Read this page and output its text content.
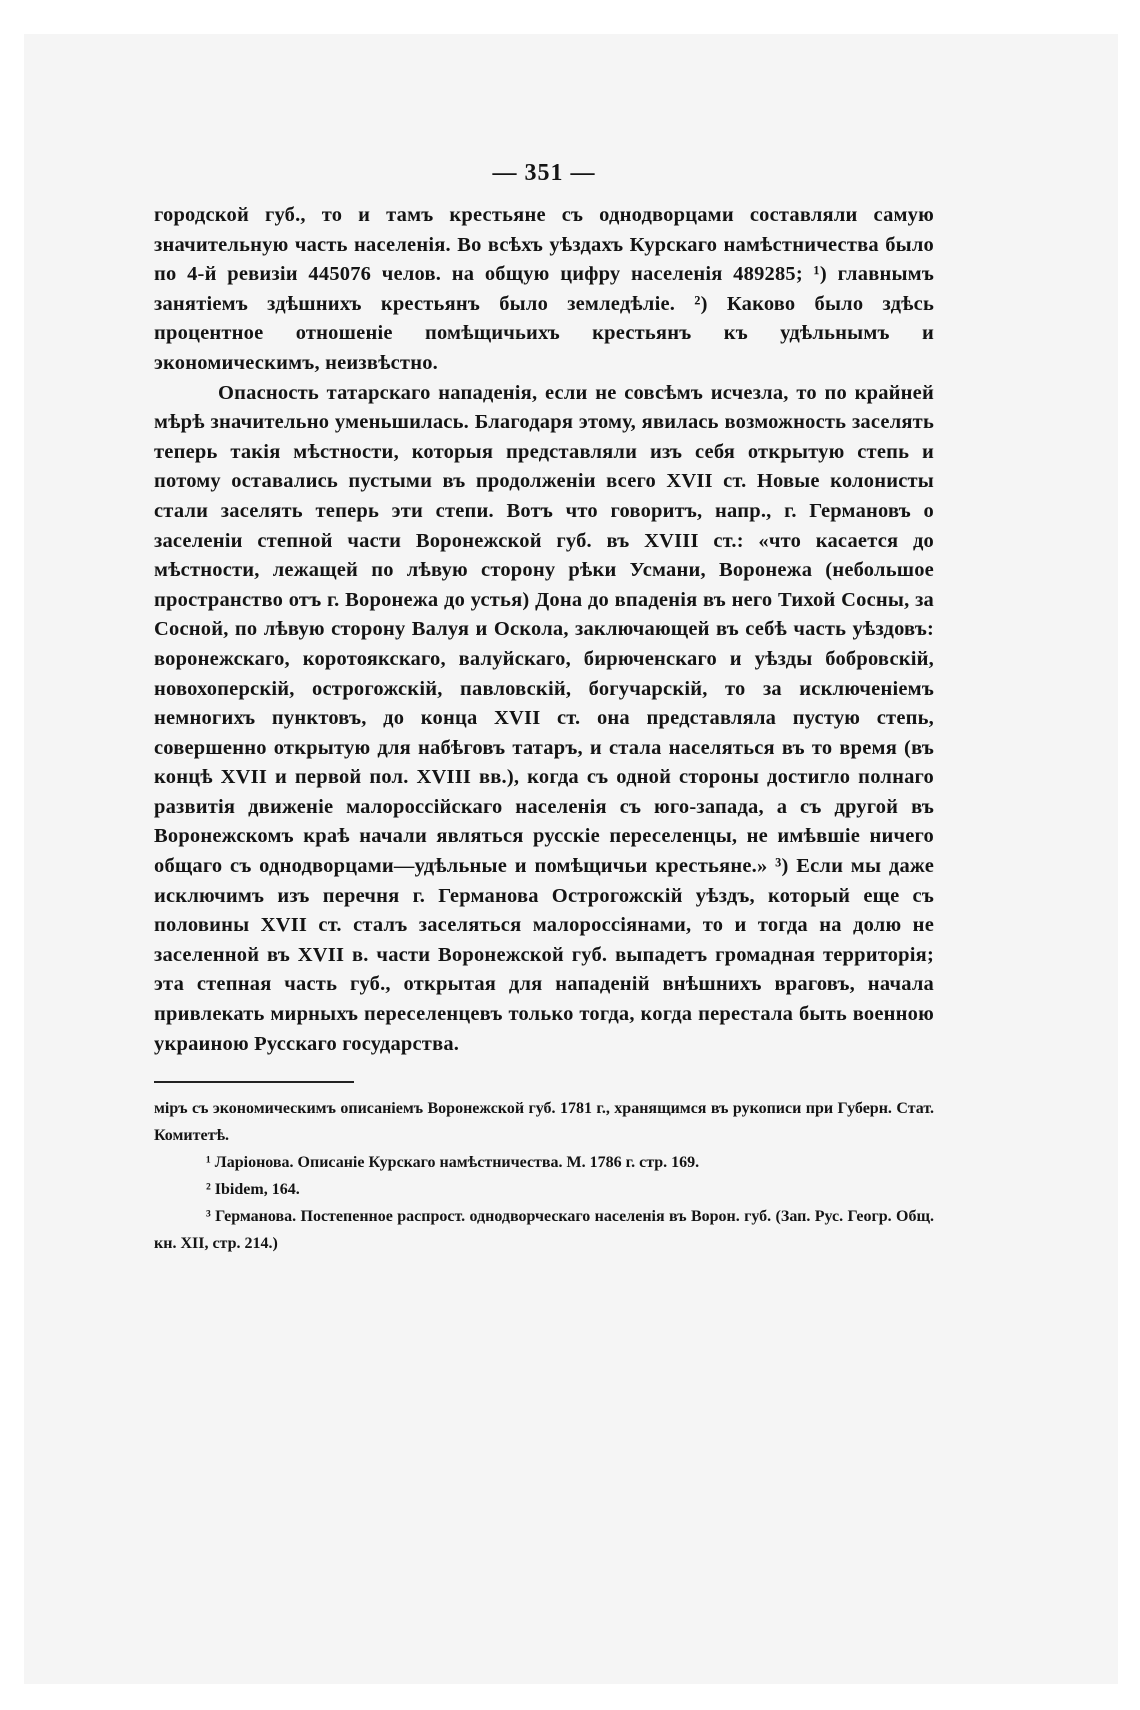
— 351 —

городской губ., то и тамъ крестьяне съ однодворцами составляли самую значительную часть населенія. Во всѣхъ уѣздахъ Курскаго намѣстничества было по 4-й ревизіи 445076 челов. на общую цифру населенія 489285; ¹) главнымъ занятіемъ здѣшнихъ крестьянъ было земледѣліе. ²) Каково было здѣсь процентное отношеніе помѣщичьихъ крестьянъ къ удѣльнымъ и экономическимъ, неизвѣстно.

Опасность татарскаго нападенія, если не совсѣмъ исчезла, то по крайней мѣрѣ значительно уменьшилась. Благодаря этому, явилась возможность заселять теперь такія мѣстности, которыя представляли изъ себя открытую степь и потому оставались пустыми въ продолженіи всего XVII ст. Новые колонисты стали заселять теперь эти степи. Вотъ что говоритъ, напр., г. Германовъ о заселеніи степной части Воронежской губ. въ XVIII ст.: «что касается до мѣстности, лежащей по лѣвую сторону рѣки Усмани, Воронежа (небольшое пространство отъ г. Воронежа до устья) Дона до впаденія въ него Тихой Сосны, за Сосной, по лѣвую сторону Валуя и Оскола, заключающей въ себѣ часть уѣздовъ: воронежскаго, коротоякскаго, валуйскаго, бирюченскаго и уѣзды бобровскій, новохоперскій, острогожскій, павловскій, богучарскій, то за исключеніемъ немногихъ пунктовъ, до конца XVII ст. она представляла пустую степь, совершенно открытую для набѣговъ татаръ, и стала населяться въ то время (въ концѣ XVII и первой пол. XVIII вв.), когда съ одной стороны достигло полнаго развитія движеніе малороссійскаго населенія съ юго-запада, а съ другой въ Воронежскомъ краѣ начали являться русскіе переселенцы, не имѣвшіе ничего общаго съ однодворцами—удѣльные и помѣщичьи крестьяне.» ³) Если мы даже исключимъ изъ перечня г. Германова Острогожскій уѣздъ, который еще съ половины XVII ст. сталъ заселяться малороссіянами, то и тогда на долю не заселенной въ XVII в. части Воронежской губ. выпадетъ громадная территорія; эта степная часть губ., открытая для нападеній внѣшнихъ враговъ, начала привлекать мирныхъ переселенцевъ только тогда, когда перестала быть военною украиною Русскаго государства.

міръ съ экономическимъ описаніемъ Воронежской губ. 1781 г., хранящимся въ рукописи при Губерн. Стат. Комитетѣ.

¹ Ларіонова. Описаніе Курскаго намѣстничества. М. 1786 г. стр. 169.

² Ibidem, 164.

³ Германова. Постепенное распрост. однодворческаго населенія въ Ворон. губ. (Зап. Рус. Геогр. Общ. кн. XII, стр. 214.)
